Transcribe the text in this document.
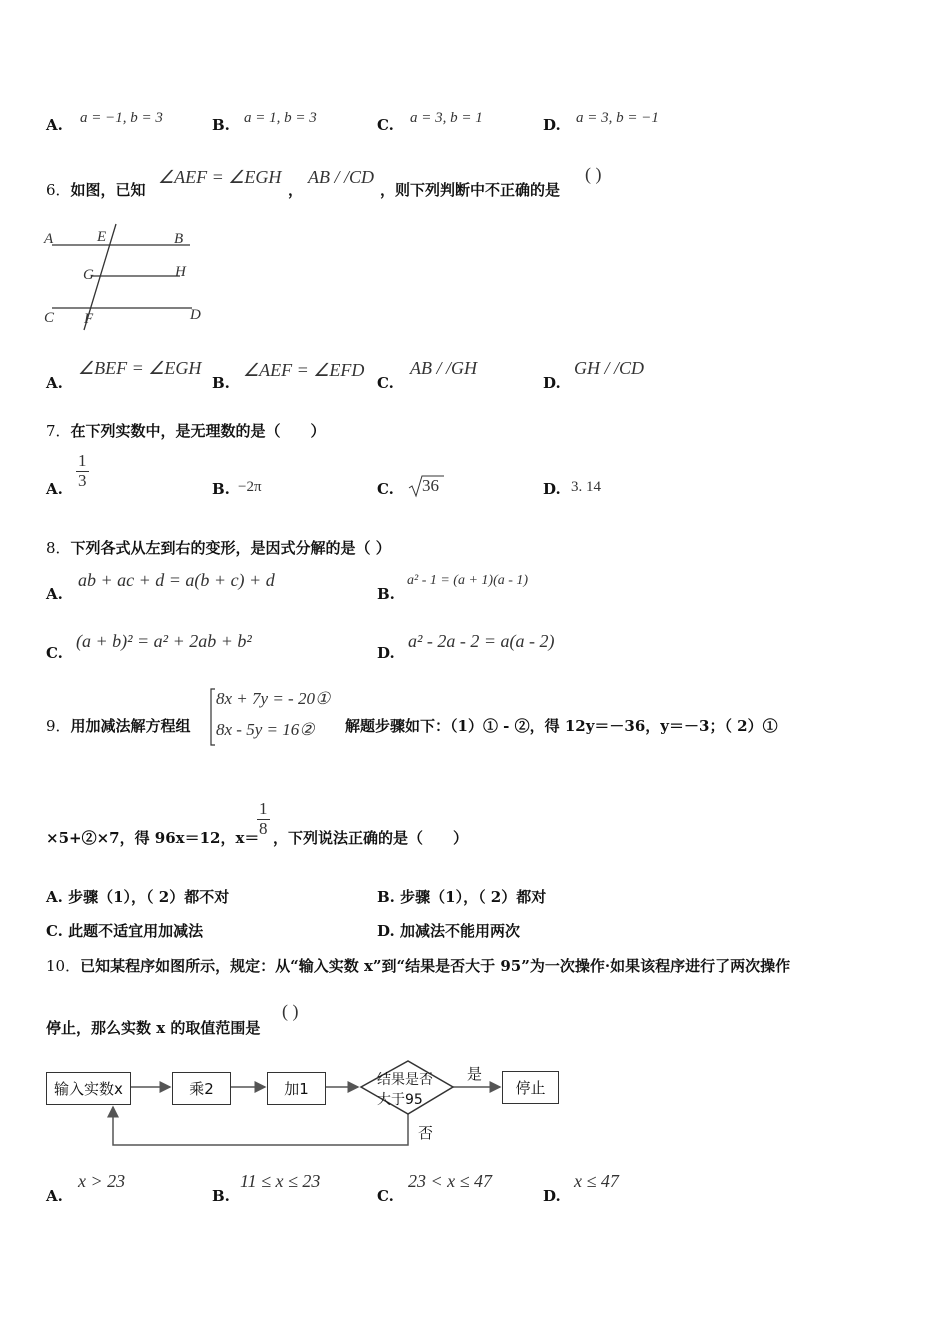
A. a = −1, b = 3	B. a = 1, b = 3	C. a = 3, b = 1	D. a = 3, b = −1
6．如图，已知
∠AEF = ∠EGH
，
AB / /CD
，则下列判断中不正确的是
( )
A	E	B
G	H
C F	D
A.
∠BEF = ∠EGH
B.
∠AEF = ∠EFD
C.
AB / /GH
D.
GH / /CD
7．在下列实数中，是无理数的是（　　）
A. $\frac{1}{3}$	B. −2π	C. 36	D. 3. 14
8．下列各式从左到右的变形，是因式分解的是（ ）
A.
ab + ac + d = a(b + c) + d
B.
a² - 1 = (a + 1)(a - 1)
C.
(a + b)² = a² + 2ab + b²
D.
a² - 2a - 2 = a(a - 2)
9．用加减法解方程组
8x + 7y = - 20①
8x - 5y = 16② 解题步骤如下：（1）① - ②，得 12y＝－36，y＝－3；（ 2）①
×5+②×7，得 96x＝12，x＝
$\frac{1}{8}$ ，下列说法正确的是（　　）
A. 步骤（1），（ 2）都不对	B. 步骤（1），（ 2）都对
C. 此题不适宜用加减法	D. 加减法不能用两次
10．已知某程序如图所示，规定：从“输入实数 x”到“结果是否大于 95”为一次操作·如果该程序进行了两次操作
停止，那么实数 x 的取值范围是
( )
输入实数x	乘2	加1	结果是否
大于95
是
否
停止
A.
x > 23
B.
11 ≤ x ≤ 23
C.
23 < x ≤ 47
D.
x ≤ 47
